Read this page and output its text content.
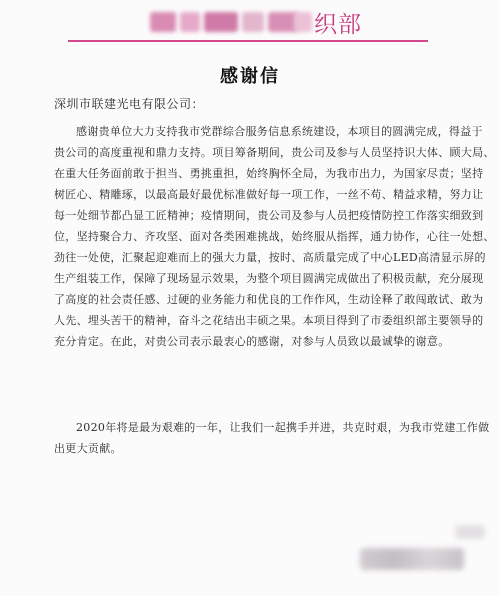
织部
感谢信
深圳市联建光电有限公司：
感谢贵单位大力支持我市党群综合服务信息系统建设，本项目的圆满完成，得益于
贵公司的高度重视和鼎力支持。项目筹备期间，贵公司及参与人员坚持识大体、顾大局、
在重大任务面前敢于担当、勇挑重担，始终胸怀全局，为我市出力，为国家尽责；坚持
树匠心、精雕琢，以最高最好最优标准做好每一项工作，一丝不苟、精益求精，努力让
每一处细节都凸显工匠精神；疫情期间，贵公司及参与人员把疫情防控工作落实细致到
位，坚持聚合力、齐攻坚、面对各类困难挑战，始终服从指挥，通力协作，心往一处想、
劲往一处使，汇聚起迎难而上的强大力量，按时、高质量完成了中心LED高清显示屏的
生产组装工作，保障了现场显示效果，为整个项目圆满完成做出了积极贡献，充分展现
了高度的社会责任感、过硬的业务能力和优良的工作作风，生动诠释了敢闯敢试、敢为
人先、埋头苦干的精神，奋斗之花结出丰硕之果。本项目得到了市委组织部主要领导的
充分肯定。在此，对贵公司表示最衷心的感谢，对参与人员致以最诚挚的谢意。
2020年将是最为艰难的一年，让我们一起携手并进，共克时艰，为我市党建工作做
出更大贡献。
